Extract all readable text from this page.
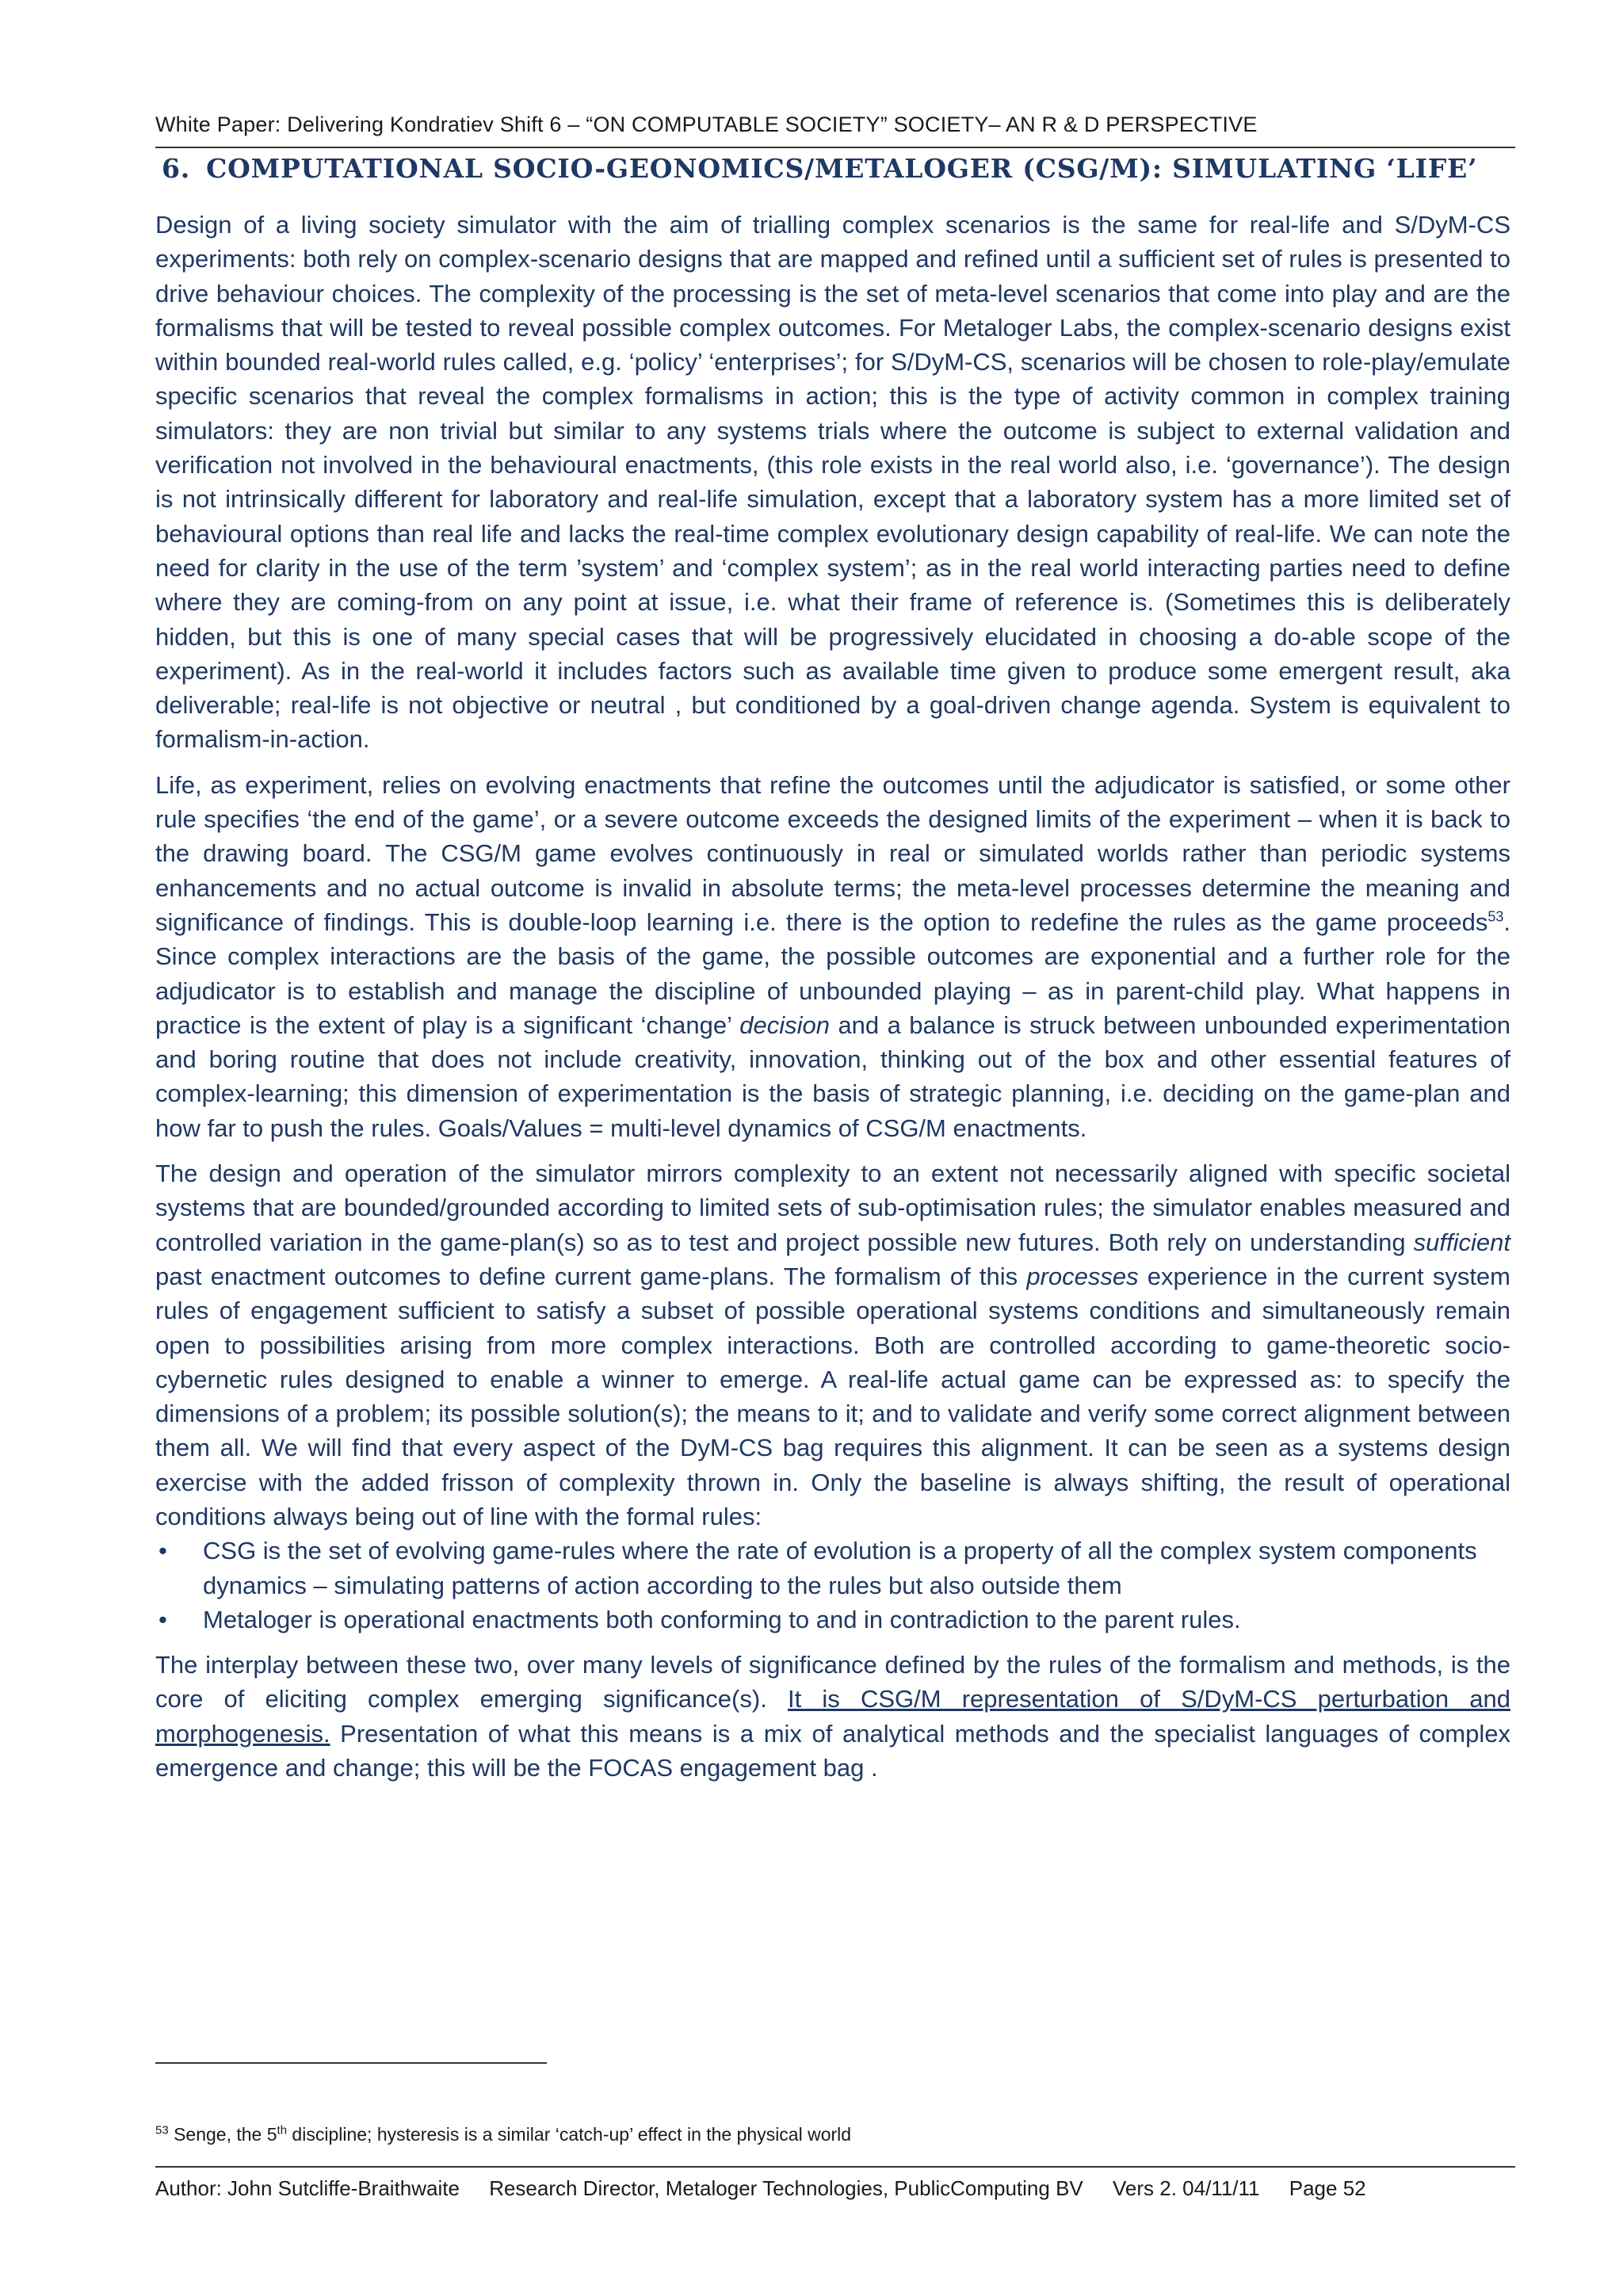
White Paper: Delivering Kondratiev Shift 6 – “ON COMPUTABLE SOCIETY” SOCIETY– AN R & D PERSPECTIVE
6. COMPUTATIONAL SOCIO-GEONOMICS/METALOGER (CSG/M): SIMULATING ‘LIFE’

Design of a living society simulator with the aim of trialling complex scenarios is the same for real-life and S/DyM-CS experiments: both rely on complex-scenario designs that are mapped and refined until a sufficient set of rules is presented to drive behaviour choices. The complexity of the processing is the set of meta-level scenarios that come into play and are the formalisms that will be tested to reveal possible complex outcomes. For Metaloger Labs, the complex-scenario designs exist within bounded real-world rules called, e.g. ‘policy’ ‘enterprises’; for S/DyM-CS, scenarios will be chosen to role-play/emulate specific scenarios that reveal the complex formalisms in action; this is the type of activity common in complex training simulators: they are non trivial but similar to any systems trials where the outcome is subject to external validation and verification not involved in the behavioural enactments, (this role exists in the real world also, i.e. ‘governance’). The design is not intrinsically different for laboratory and real-life simulation, except that a laboratory system has a more limited set of behavioural options than real life and lacks the real-time complex evolutionary design capability of real-life. We can note the need for clarity in the use of the term ’system’ and ‘complex system’; as in the real world interacting parties need to define where they are coming-from on any point at issue, i.e. what their frame of reference is. (Sometimes this is deliberately hidden, but this is one of many special cases that will be progressively elucidated in choosing a do-able scope of the experiment). As in the real-world it includes factors such as available time given to produce some emergent result, aka deliverable; real-life is not objective or neutral , but conditioned by a goal-driven change agenda. System is equivalent to formalism-in-action.

Life, as experiment, relies on evolving enactments that refine the outcomes until the adjudicator is satisfied, or some other rule specifies ‘the end of the game’, or a severe outcome exceeds the designed limits of the experiment – when it is back to the drawing board. The CSG/M game evolves continuously in real or simulated worlds rather than periodic systems enhancements and no actual outcome is invalid in absolute terms; the meta-level processes determine the meaning and significance of findings. This is double-loop learning i.e. there is the option to redefine the rules as the game proceeds$^{53}$. Since complex interactions are the basis of the game, the possible outcomes are exponential and a further role for the adjudicator is to establish and manage the discipline of unbounded playing – as in parent-child play. What happens in practice is the extent of play is a significant ‘change’ decision and a balance is struck between unbounded experimentation and boring routine that does not include creativity, innovation, thinking out of the box and other essential features of complex-learning; this dimension of experimentation is the basis of strategic planning, i.e. deciding on the game-plan and how far to push the rules. Goals/Values = multi-level dynamics of CSG/M enactments.

The design and operation of the simulator mirrors complexity to an extent not necessarily aligned with specific societal systems that are bounded/grounded according to limited sets of sub-optimisation rules; the simulator enables measured and controlled variation in the game-plan(s) so as to test and project possible new futures. Both rely on understanding sufficient past enactment outcomes to define current game-plans. The formalism of this processes experience in the current system rules of engagement sufficient to satisfy a subset of possible operational systems conditions and simultaneously remain open to possibilities arising from more complex interactions. Both are controlled according to game-theoretic socio-cybernetic rules designed to enable a winner to emerge. A real-life actual game can be expressed as: to specify the dimensions of a problem; its possible solution(s); the means to it; and to validate and verify some correct alignment between them all. We will find that every aspect of the DyM-CS bag requires this alignment. It can be seen as a systems design exercise with the added frisson of complexity thrown in. Only the baseline is always shifting, the result of operational conditions always being out of line with the formal rules:

• CSG is the set of evolving game-rules where the rate of evolution is a property of all the complex system components dynamics – simulating patterns of action according to the rules but also outside them
• Metaloger is operational enactments both conforming to and in contradiction to the parent rules.

The interplay between these two, over many levels of significance defined by the rules of the formalism and methods, is the core of eliciting complex emerging significance(s). It is CSG/M representation of S/DyM-CS perturbation and morphogenesis. Presentation of what this means is a mix of analytical methods and the specialist languages of complex emergence and change; this will be the FOCAS engagement bag .

$^{53}$ Senge, the 5th discipline; hysteresis is a similar ‘catch-up’ effect in the physical world
Author: John Sutcliffe-Braithwaite Research Director, Metaloger Technologies, PublicComputing BV Vers 2. 04/11/11 Page 52
